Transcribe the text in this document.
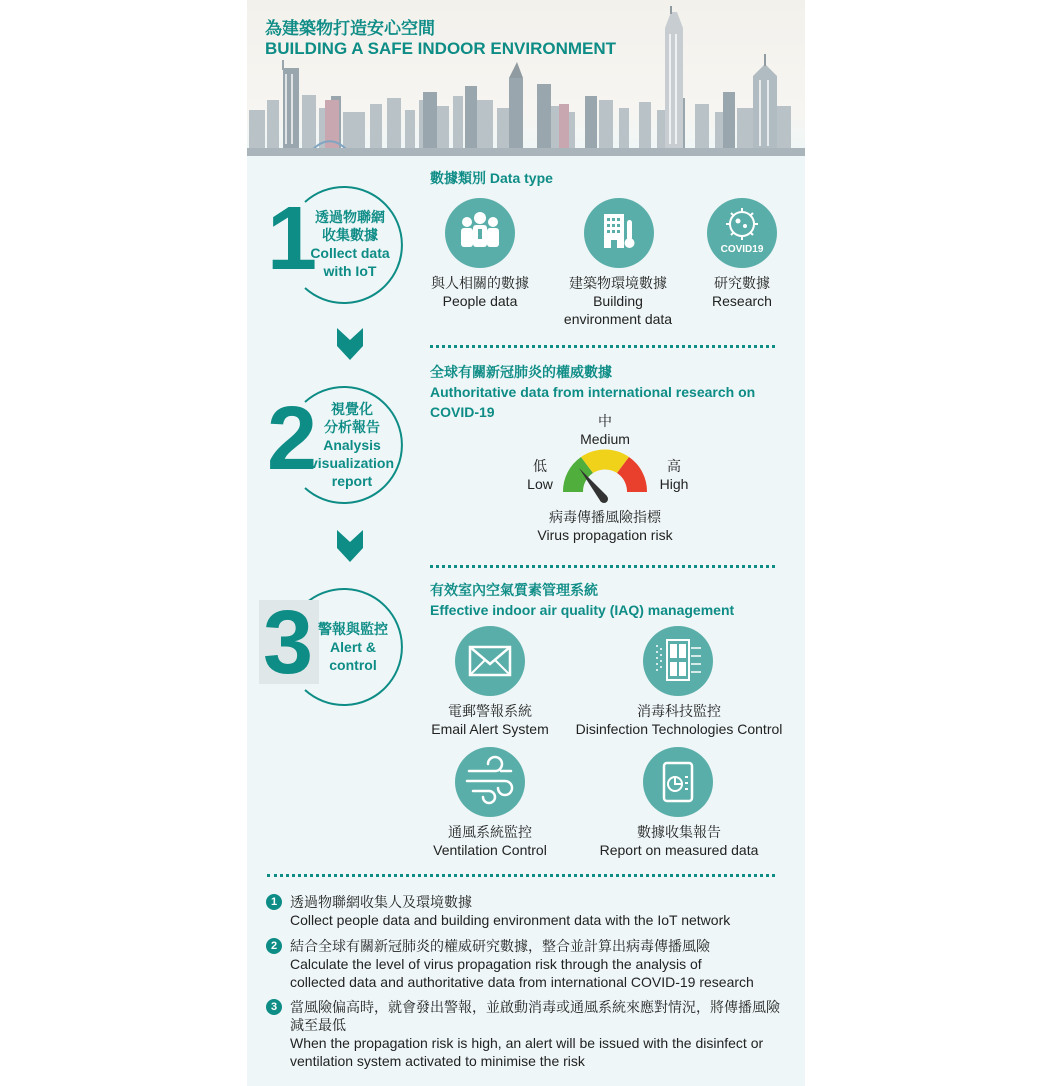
為建築物打造安心空間
BUILDING A SAFE INDOOR ENVIRONMENT
1
透過物聯網
收集數據
Collect data
with IoT
2 視覺化
分析報告
Analysis
visualization
report
3 警報與監控
Alert &
control
數據類別 Data type
與人相關的數據
People data
建築物環境數據
Building
environment data
COVID19
研究數據
Research
全球有關新冠肺炎的權威數據
Authoritative data from international research on
COVID-19
中
Medium
低
Low
高
High
病毒傳播風險指標
Virus propagation risk
有效室內空氣質素管理系統
Effective indoor air quality (IAQ) management
電郵警報系統
Email Alert System
消毒科技監控
Disinfection Technologies Control
通風系統監控
Ventilation Control
數據收集報告
Report on measured data
1 透過物聯網收集人及環境數據
Collect people data and building environment data with the IoT network
2 結合全球有關新冠肺炎的權威研究數據，整合並計算出病毒傳播風險
Calculate the level of virus propagation risk through the analysis of
collected data and authoritative data from international COVID-19 research
3 當風險偏高時，就會發出警報，並啟動消毒或通風系統來應對情況，將傳播風險
減至最低
When the propagation risk is high, an alert will be issued with the disinfect or
ventilation system activated to minimise the risk
